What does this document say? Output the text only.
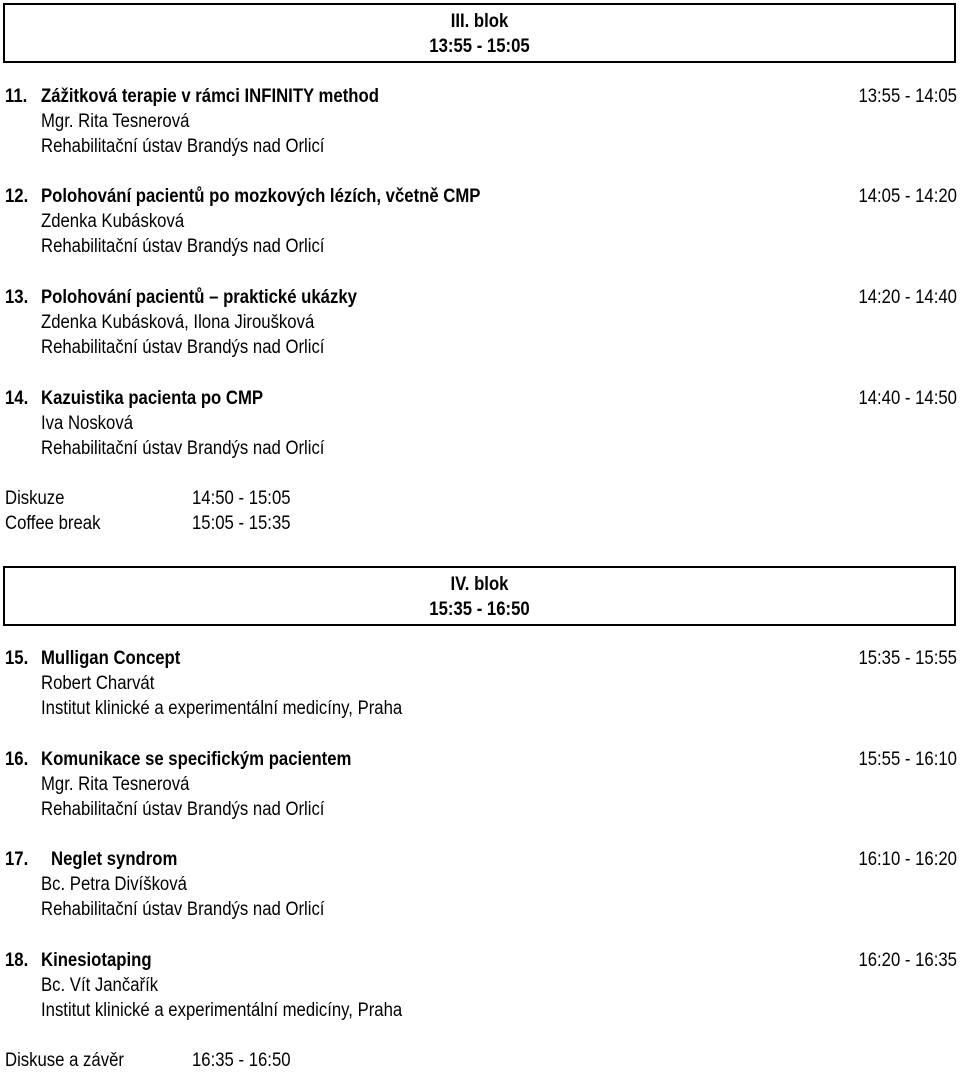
III. blok
13:55 - 15:05
11. Zážitková terapie v rámci INFINITY method	13:55 - 14:05
Mgr. Rita Tesnerová
Rehabilitační ústav Brandýs nad Orlicí
12. Polohování pacientů po mozkových lézích, včetně CMP	14:05 - 14:20
Zdenka Kubásková
Rehabilitační ústav Brandýs nad Orlicí
13. Polohování pacientů – praktické ukázky	14:20 - 14:40
Zdenka Kubásková, Ilona Jiroušková
Rehabilitační ústav Brandýs nad Orlicí
14. Kazuistika pacienta po CMP	14:40 - 14:50
Iva Nosková
Rehabilitační ústav Brandýs nad Orlicí
Diskuze	14:50 - 15:05
Coffee break	15:05 - 15:35
IV. blok
15:35 - 16:50
15. Mulligan Concept	15:35 - 15:55
Robert Charvát
Institut klinické a experimentální medicíny, Praha
16. Komunikace se specifickým pacientem	15:55 - 16:10
Mgr. Rita Tesnerová
Rehabilitační ústav Brandýs nad Orlicí
17. Neglet syndrom	16:10 - 16:20
Bc. Petra Divíšková
Rehabilitační ústav Brandýs nad Orlicí
18. Kinesiotaping	16:20 - 16:35
Bc. Vít Jančařík
Institut klinické a experimentální medicíny, Praha
Diskuse a závěr	16:35 - 16:50
